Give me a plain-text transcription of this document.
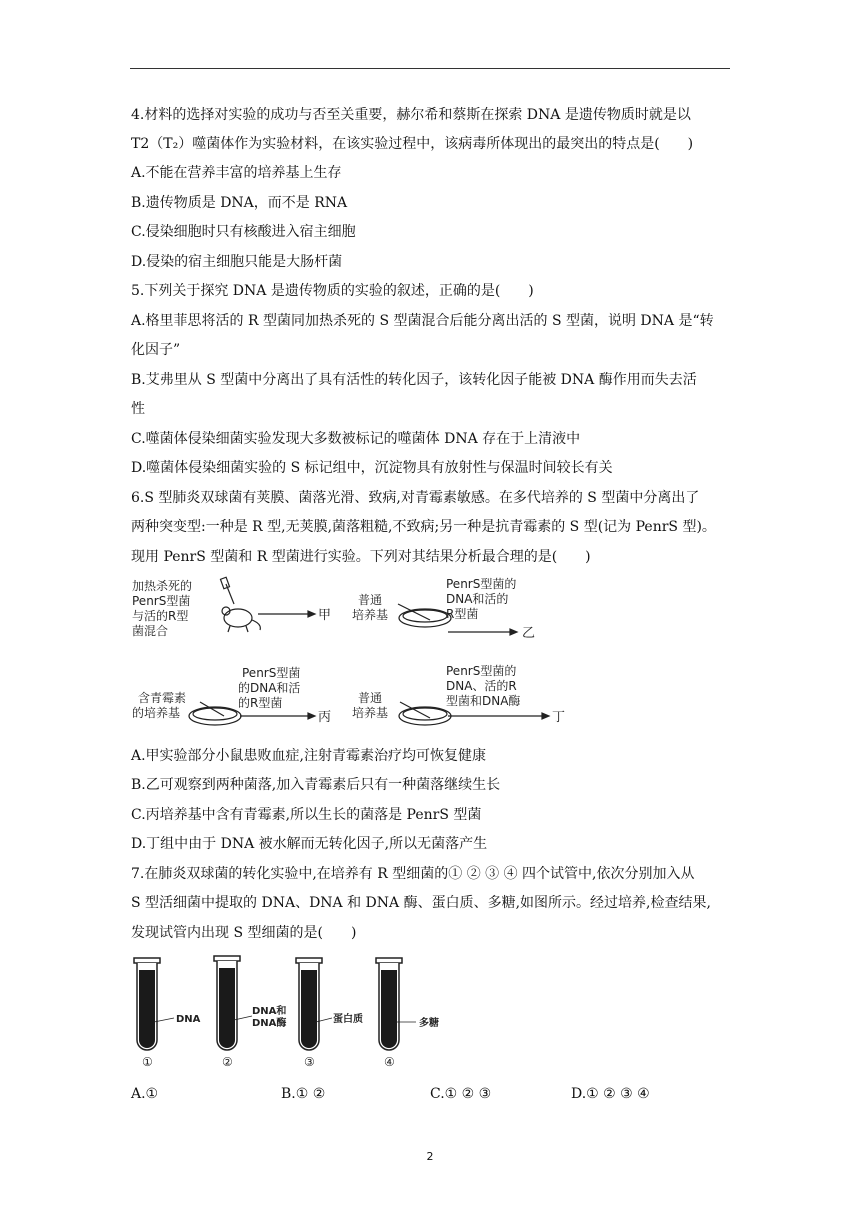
4.材料的选择对实验的成功与否至关重要，赫尔希和蔡斯在探索 DNA 是遗传物质时就是以
T2（T₂）噬菌体作为实验材料，在该实验过程中，该病毒所体现出的最突出的特点是(　　)
A.不能在营养丰富的培养基上生存
B.遗传物质是 DNA，而不是 RNA
C.侵染细胞时只有核酸进入宿主细胞
D.侵染的宿主细胞只能是大肠杆菌
5.下列关于探究 DNA 是遗传物质的实验的叙述，正确的是(　　)
A.格里菲思将活的 R 型菌同加热杀死的 S 型菌混合后能分离出活的 S 型菌，说明 DNA 是“转
化因子”
B.艾弗里从 S 型菌中分离出了具有活性的转化因子，该转化因子能被 DNA 酶作用而失去活
性
C.噬菌体侵染细菌实验发现大多数被标记的噬菌体 DNA 存在于上清液中
D.噬菌体侵染细菌实验的 S 标记组中，沉淀物具有放射性与保温时间较长有关
6.S 型肺炎双球菌有荚膜、菌落光滑、致病,对青霉素敏感。在多代培养的 S 型菌中分离出了
两种突变型:一种是 R 型,无荚膜,菌落粗糙,不致病;另一种是抗青霉素的 S 型(记为 PenrS 型)。
现用 PenrS 型菌和 R 型菌进行实验。下列对其结果分析最合理的是(　　)
加热杀死的
PenrS型菌
与活的R型
菌混合
甲
普通
培养基
PenrS型菌的
DNA和活的
R型菌
乙
含青霉素
的培养基
PenrS型菌
的DNA和活
的R型菌
丙
普通
培养基
PenrS型菌的
DNA、活的R
型菌和DNA酶
丁
A.甲实验部分小鼠患败血症,注射青霉素治疗均可恢复健康
B.乙可观察到两种菌落,加入青霉素后只有一种菌落继续生长
C.丙培养基中含有青霉素,所以生长的菌落是 PenrS 型菌
D.丁组中由于 DNA 被水解而无转化因子,所以无菌落产生
7.在肺炎双球菌的转化实验中,在培养有 R 型细菌的① ② ③ ④ 四个试管中,依次分别加入从
S 型活细菌中提取的 DNA、DNA 和 DNA 酶、蛋白质、多糖,如图所示。经过培养,检查结果,
发现试管内出现 S 型细菌的是(　　)
DNA
①
DNA和
DNA酶
②
蛋白质
③
多糖
④
A.①	B.① ②	C.① ② ③	D.① ② ③ ④
2
